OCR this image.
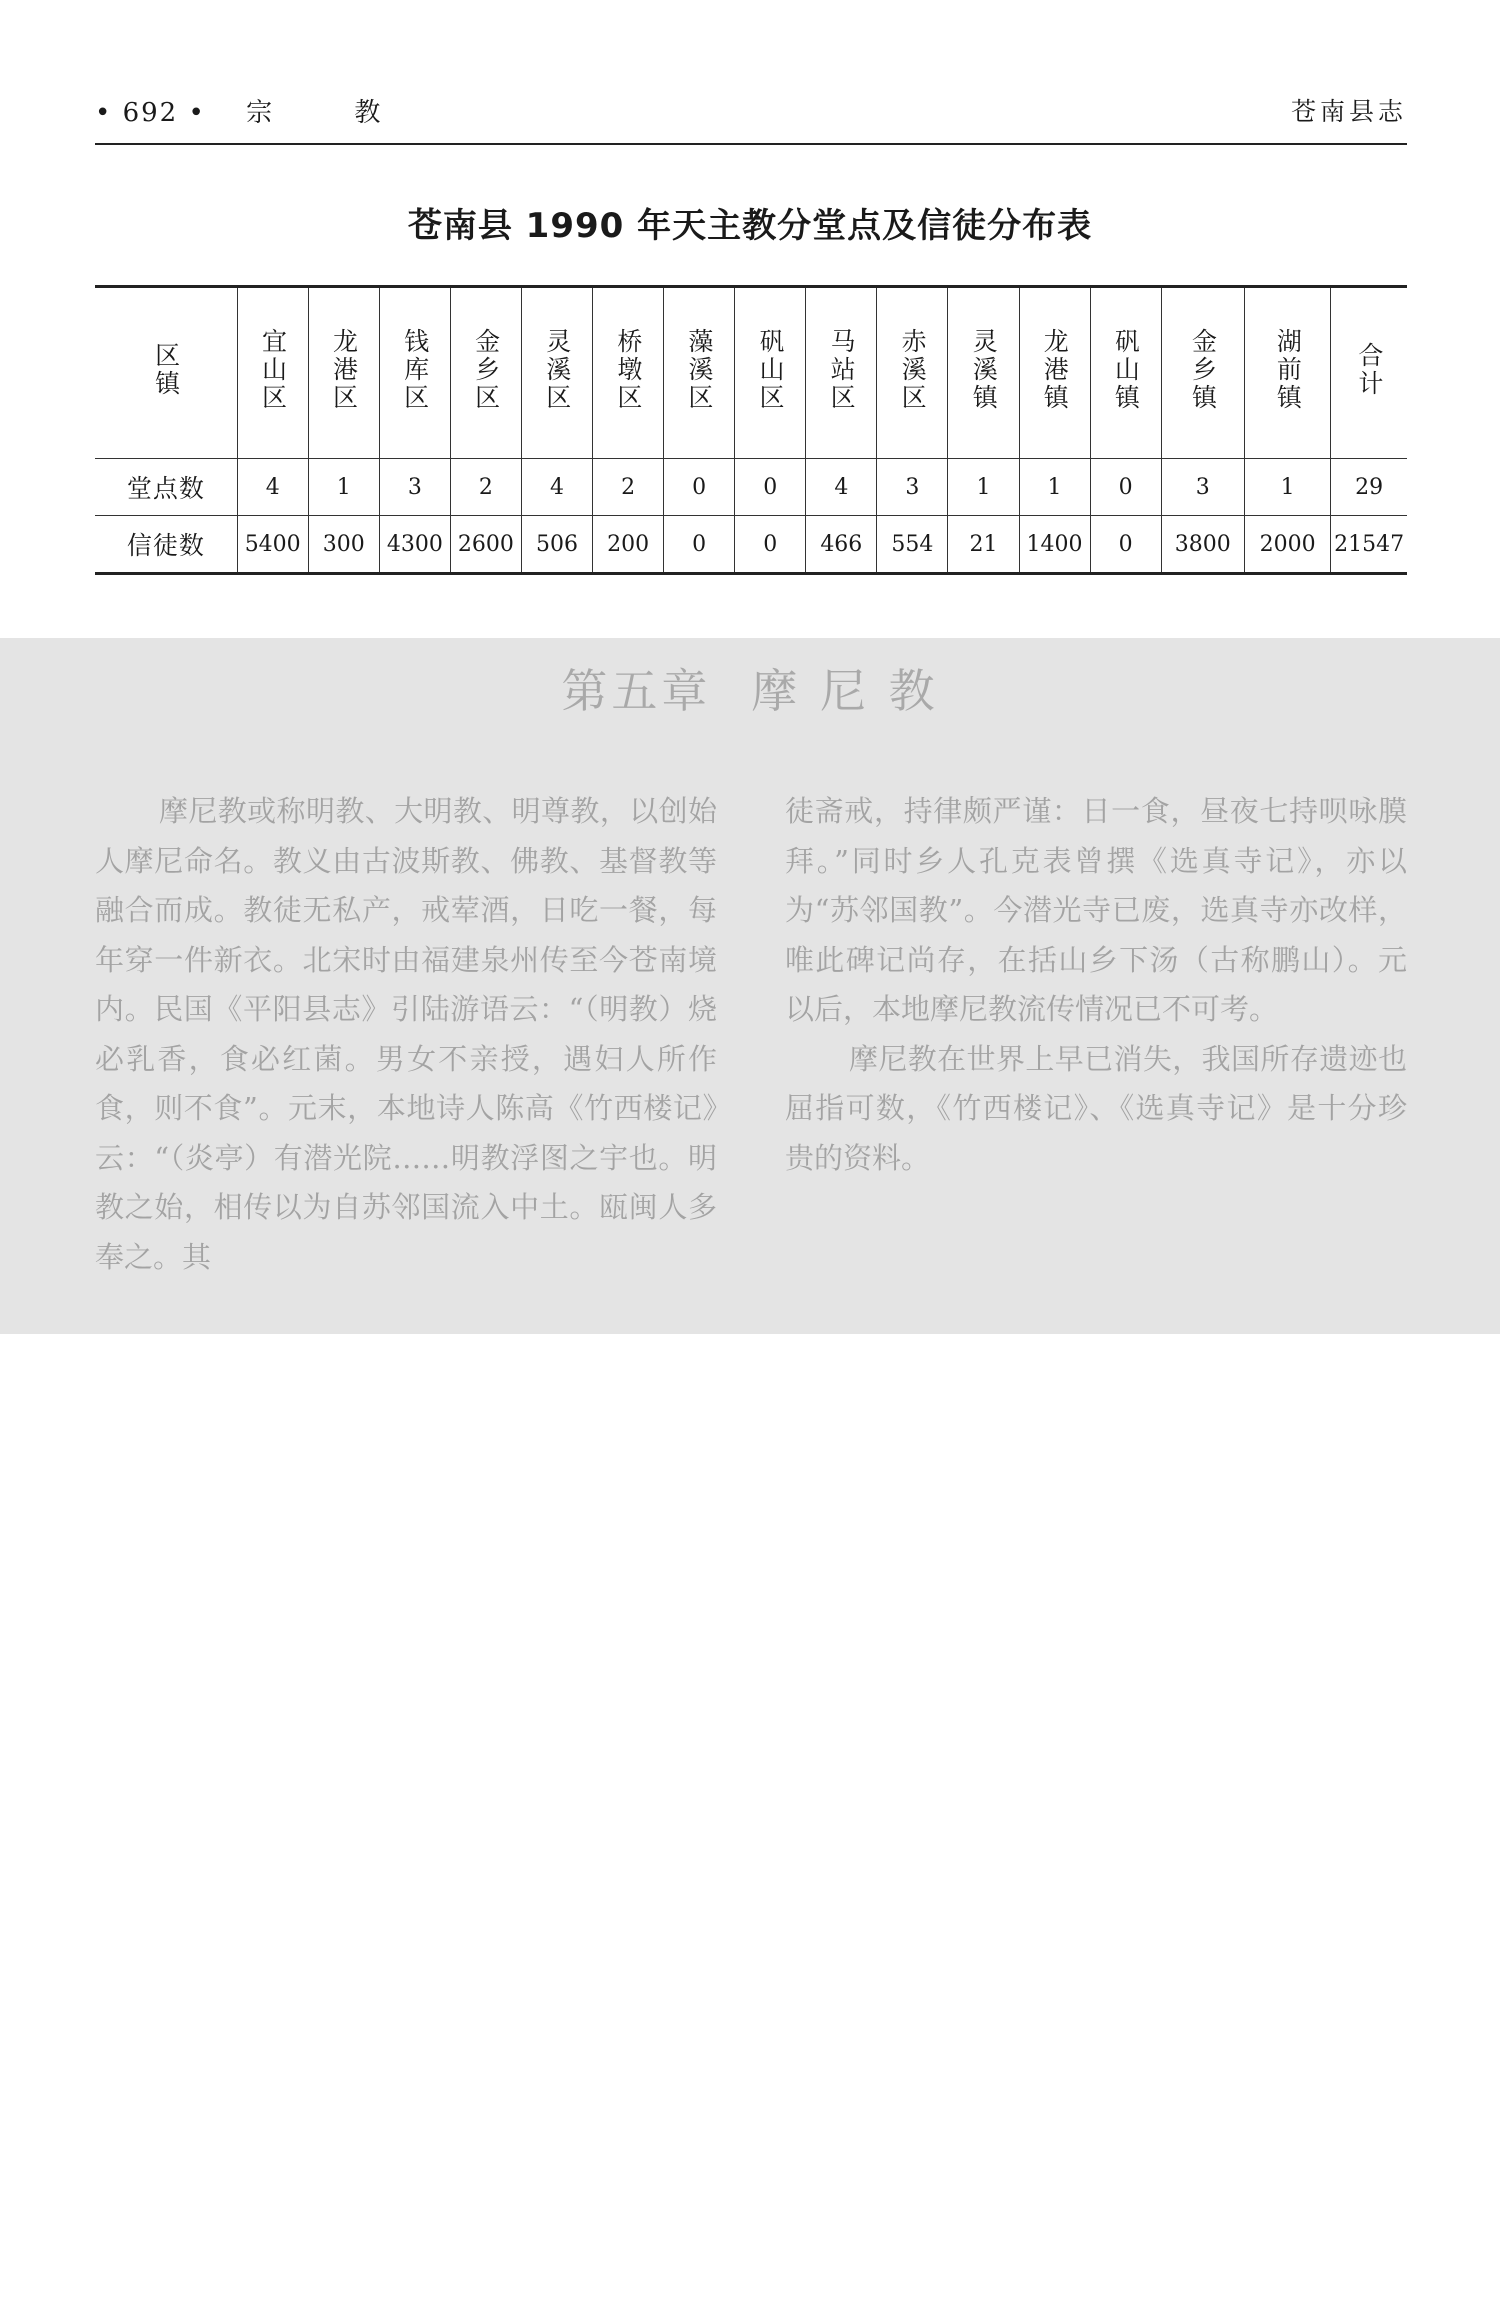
• 692 • 宗	教	苍南县志
苍南县 1990 年天主教分堂点及信徒分布表
区镇	宜山区	龙港区	钱库区	金乡区	灵溪区	桥墩区	藻溪区	矾山区	马站区	赤溪区	灵溪镇	龙港镇	矾山镇	金乡镇	湖前镇	合计
堂点数	4	1	3	2	4	2	0	0	4	3	1	1	0	3	1	29
信徒数	5400	300	4300	2600	506	200	0	0	466	554	21	1400	0	3800	2000	21547
第五章 摩 尼 教

摩尼教或称明教、大明教、明尊教，以创始人摩尼命名。教义由古波斯教、佛教、基督教等融合而成。教徒无私产，戒荤酒，日吃一餐，每年穿一件新衣。北宋时由福建泉州传至今苍南境内。民国《平阳县志》引陆游语云：“（明教）烧必乳香，食必红菌。男女不亲授，遇妇人所作食，则不食”。元末，本地诗人陈高《竹西楼记》云：“（炎亭）有潜光院……明教浮图之宇也。明教之始，相传以为自苏邻国流入中土。瓯闽人多奉之。其

徒斋戒，持律颇严谨：日一食，昼夜七持呗咏膜拜。”同时乡人孔克表曾撰《选真寺记》，亦以为“苏邻国教”。今潜光寺已废，选真寺亦改样，唯此碑记尚存，在括山乡下汤（古称鹏山）。元以后，本地摩尼教流传情况已不可考。

摩尼教在世界上早已消失，我国所存遗迹也屈指可数，《竹西楼记》、《选真寺记》是十分珍贵的资料。
